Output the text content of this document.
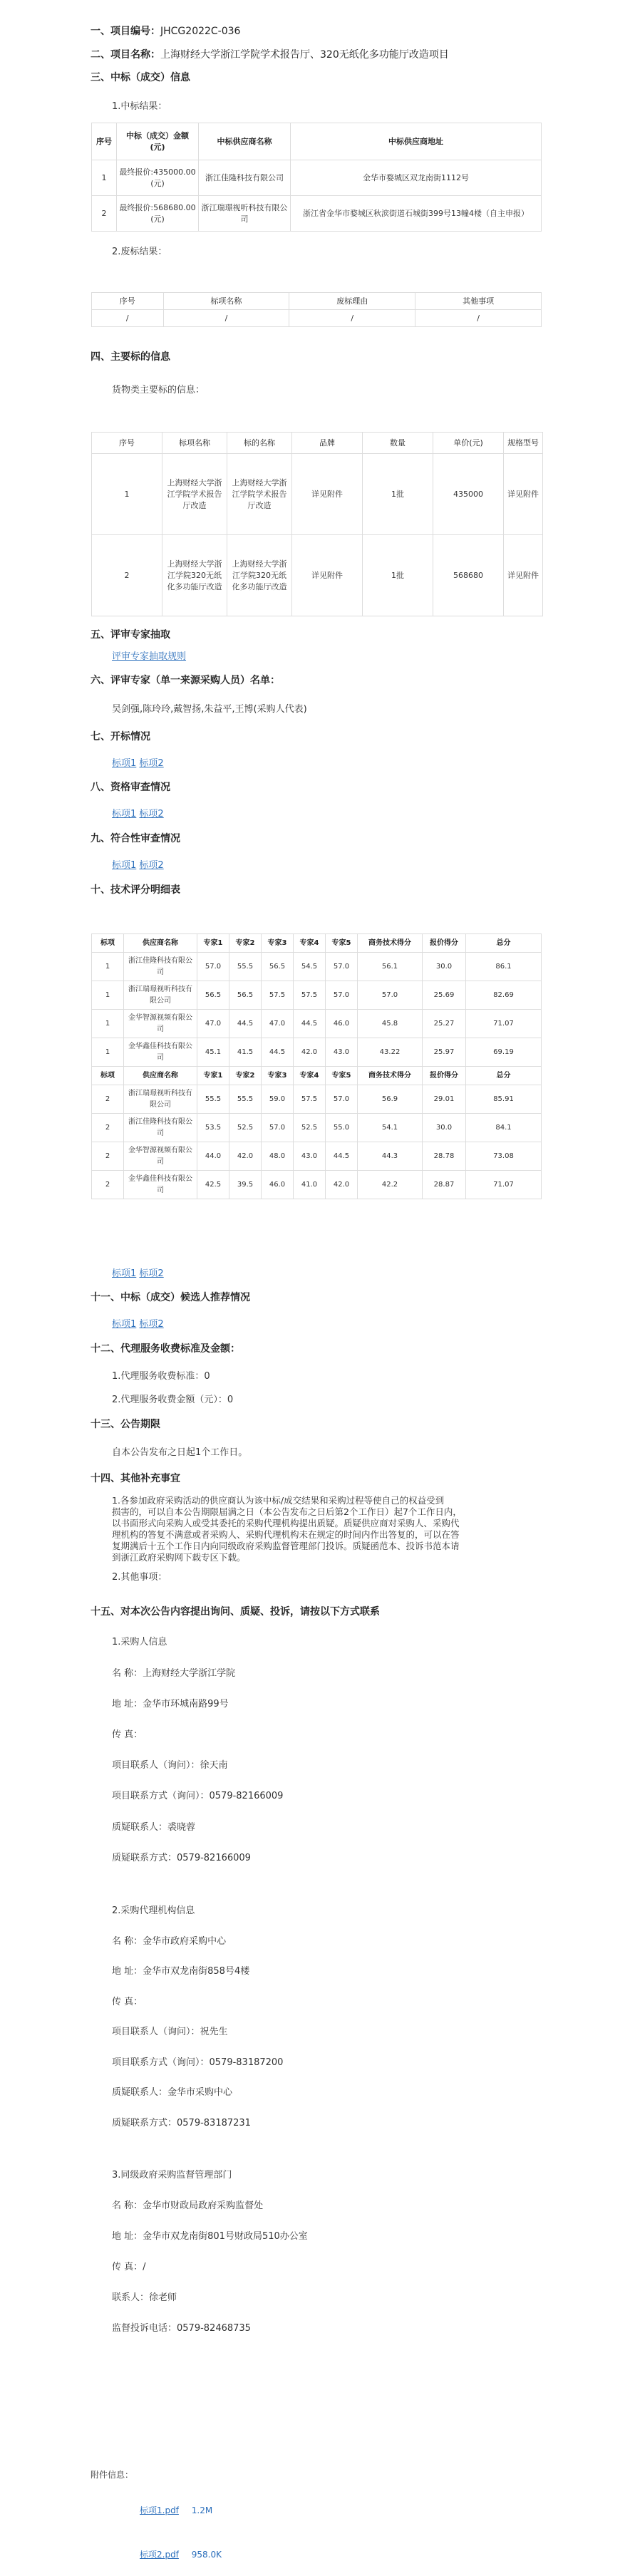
一、项目编号：JHCG2022C-036
二、项目名称：上海财经大学浙江学院学术报告厅、320无纸化多功能厅改造项目
三、中标（成交）信息
1.中标结果：
序号	中标（成交）金额(元)	中标供应商名称	中标供应商地址
1	最终报价:435000.00(元)	浙江佳隆科技有限公司	金华市婺城区双龙南街1112号
2	最终报价:568680.00(元)	浙江瑞璟视听科技有限公司	浙江省金华市婺城区秋滨街道石城街399号13幢4楼（自主申报）
2.废标结果：
序号	标项名称	废标理由	其他事项
/	/	/	/
四、主要标的信息
货物类主要标的信息：
序号	标项名称	标的名称	品牌	数量	单价(元)	规格型号
1	上海财经大学浙江学院学术报告厅改造	上海财经大学浙江学院学术报告厅改造	详见附件	1批	435000	详见附件
2	上海财经大学浙江学院320无纸化多功能厅改造	上海财经大学浙江学院320无纸化多功能厅改造	详见附件	1批	568680	详见附件
五、评审专家抽取
评审专家抽取规则
六、评审专家（单一来源采购人员）名单：
吴剑强,陈玲玲,戴智扬,朱益平,王博(采购人代表)
七、开标情况
标项1 标项2
八、资格审查情况
标项1 标项2
九、符合性审查情况
标项1 标项2
十、技术评分明细表
标项	供应商名称	专家1	专家2	专家3	专家4	专家5	商务技术得分	报价得分	总分
1	浙江佳隆科技有限公司	57.0	55.5	56.5	54.5	57.0	56.1	30.0	86.1
1	浙江瑞璟视听科技有限公司	56.5	56.5	57.5	57.5	57.0	57.0	25.69	82.69
1	金华智源视频有限公司	47.0	44.5	47.0	44.5	46.0	45.8	25.27	71.07
1	金华鑫佳科技有限公司	45.1	41.5	44.5	42.0	43.0	43.22	25.97	69.19
标项	供应商名称	专家1	专家2	专家3	专家4	专家5	商务技术得分	报价得分	总分
2	浙江瑞璟视听科技有限公司	55.5	55.5	59.0	57.5	57.0	56.9	29.01	85.91
2	浙江佳隆科技有限公司	53.5	52.5	57.0	52.5	55.0	54.1	30.0	84.1
2	金华智源视频有限公司	44.0	42.0	48.0	43.0	44.5	44.3	28.78	73.08
2	金华鑫佳科技有限公司	42.5	39.5	46.0	41.0	42.0	42.2	28.87	71.07
标项1 标项2
十一、中标（成交）候选人推荐情况
标项1 标项2
十二、代理服务收费标准及金额：
1.代理服务收费标准：0
2.代理服务收费金额（元）：0
十三、公告期限
自本公告发布之日起1个工作日。
十四、其他补充事宜
1.各参加政府采购活动的供应商认为该中标/成交结果和采购过程等使自己的权益受到
损害的，可以自本公告期限届满之日（本公告发布之日后第2个工作日）起7个工作日内，
以书面形式向采购人或受其委托的采购代理机构提出质疑。质疑供应商对采购人、采购代
理机构的答复不满意或者采购人、采购代理机构未在规定的时间内作出答复的，可以在答
复期满后十五个工作日内向同级政府采购监督管理部门投诉。质疑函范本、投诉书范本请
到浙江政府采购网下载专区下载。
2.其他事项：
十五、对本次公告内容提出询问、质疑、投诉，请按以下方式联系
1.采购人信息
名 称：上海财经大学浙江学院
地 址：金华市环城南路99号
传 真：
项目联系人（询问）：徐天南
项目联系方式（询问）：0579-82166009
质疑联系人：裘晓蓉
质疑联系方式：0579-82166009
2.采购代理机构信息
名 称：金华市政府采购中心
地 址：金华市双龙南街858号4楼
传 真：
项目联系人（询问）：祝先生
项目联系方式（询问）：0579-83187200
质疑联系人：金华市采购中心
质疑联系方式：0579-83187231
3.同级政府采购监督管理部门
名 称：金华市财政局政府采购监督处
地 址：金华市双龙南街801号财政局510办公室
传 真：/
联系人：徐老师
监督投诉电话：0579-82468735
附件信息：
标项1.pdf 1.2M
标项2.pdf 958.0K
